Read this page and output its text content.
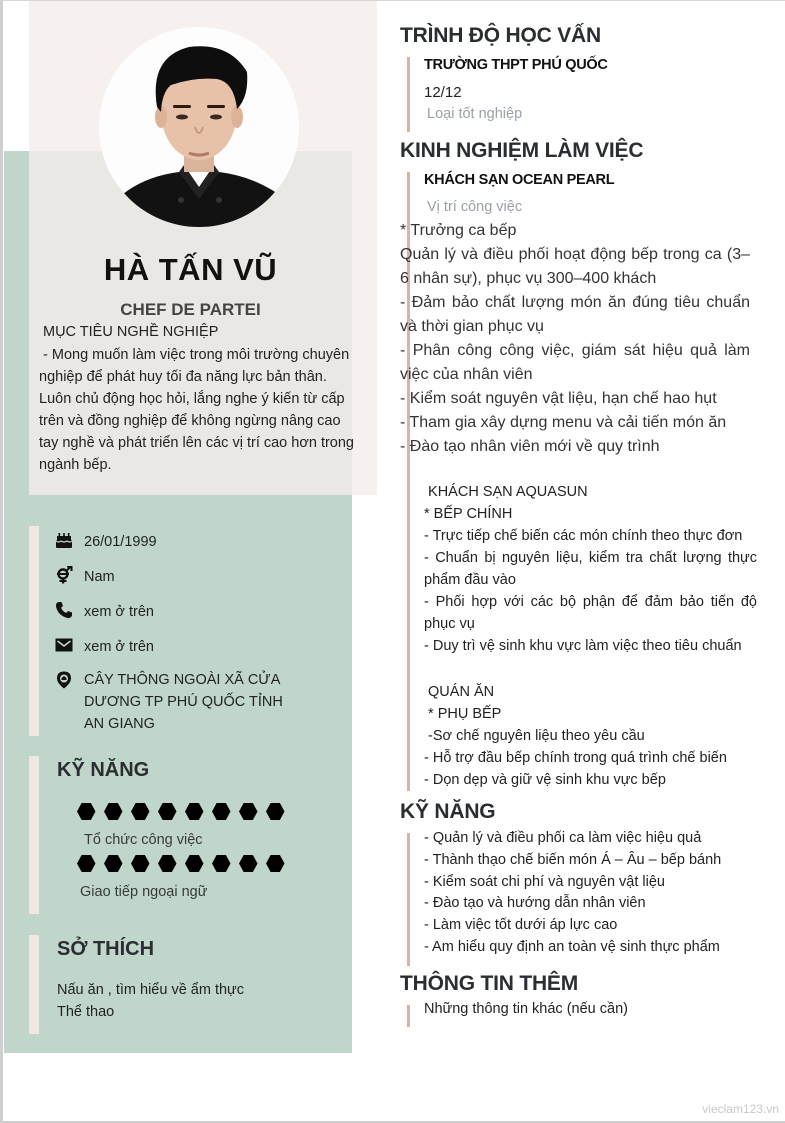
HÀ TẤN VŨ
CHEF DE PARTEI
MỤC TIÊU NGHỀ NGHIỆP
- Mong muốn làm việc trong môi trường chuyên
nghiệp để phát huy tối đa năng lực bản thân.
Luôn chủ động học hỏi, lắng nghe ý kiến từ cấp
trên và đồng nghiệp để không ngừng nâng cao
tay nghề và phát triển lên các vị trí cao hơn trong
ngành bếp.
26/01/1999
Nam
xem ở trên
xem ở trên
CÂY THÔNG NGOÀI XÃ CỬA DƯƠNG TP PHÚ QUỐC TỈNH AN GIANG
KỸ NĂNG
Tổ chức công việc
Giao tiếp ngoại ngữ
SỞ THÍCH
Nấu ăn , tìm hiểu về ẩm thực
Thể thao
TRÌNH ĐỘ HỌC VẤN
TRƯỜNG THPT PHÚ QUỐC
12/12
Loại tốt nghiệp
KINH NGHIỆM LÀM VIỆC
KHÁCH SẠN OCEAN PEARL
Vị trí công việc
* Trưởng ca bếp
Quản lý và điều phối hoạt động bếp trong ca (3–6 nhân sự), phục vụ 300–400 khách
- Đảm bảo chất lượng món ăn đúng tiêu chuẩn và thời gian phục vụ
- Phân công công việc, giám sát hiệu quả làm việc của nhân viên
- Kiểm soát nguyên vật liệu, hạn chế hao hụt
- Tham gia xây dựng menu và cải tiến món ăn
- Đào tạo nhân viên mới về quy trình
KHÁCH SẠN AQUASUN
* BẾP CHÍNH
- Trực tiếp chế biến các món chính theo thực đơn
- Chuẩn bị nguyên liệu, kiểm tra chất lượng thực phẩm đầu vào
- Phối hợp với các bộ phận để đảm bảo tiến độ phục vụ
- Duy trì vệ sinh khu vực làm việc theo tiêu chuẩn
QUÁN ĂN
* PHỤ BẾP
-Sơ chế nguyên liệu theo yêu cầu
- Hỗ trợ đầu bếp chính trong quá trình chế biến
- Dọn dẹp và giữ vệ sinh khu vực bếp
KỸ NĂNG
- Quản lý và điều phối ca làm việc hiệu quả
- Thành thạo chế biến món Á – Âu – bếp bánh
- Kiểm soát chi phí và nguyên vật liệu
- Đào tạo và hướng dẫn nhân viên
- Làm việc tốt dưới áp lực cao
- Am hiểu quy định an toàn vệ sinh thực phẩm
THÔNG TIN THÊM
Những thông tin khác (nếu cần)
vieclam123.vn
